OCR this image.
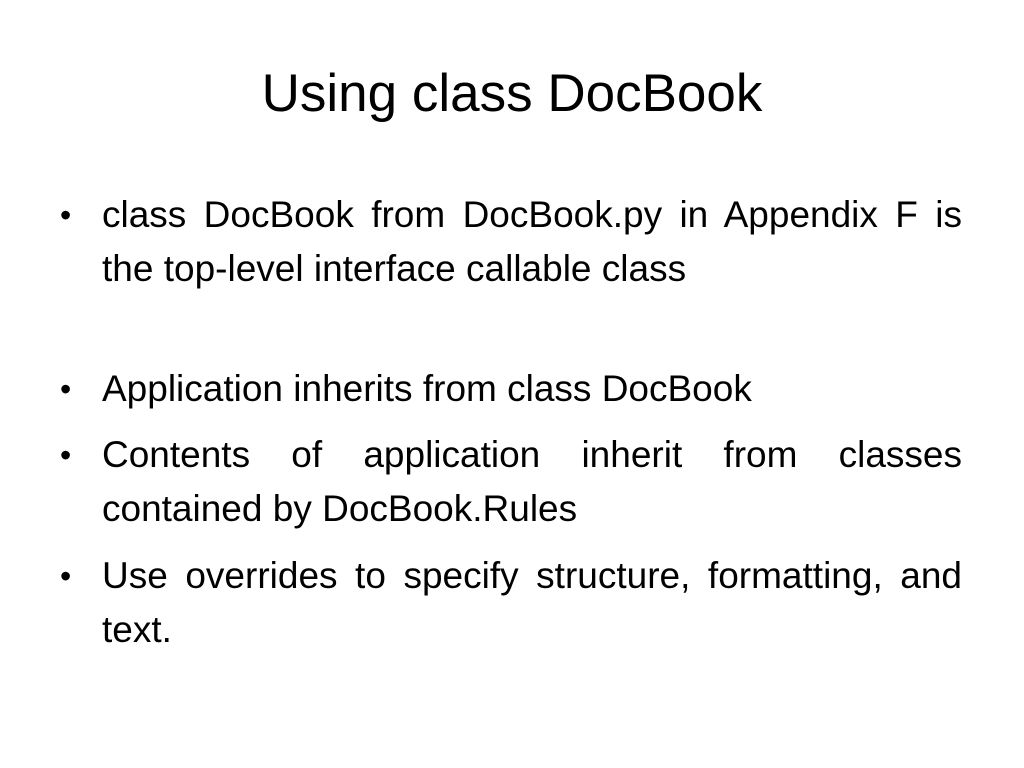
Using class DocBook
• class DocBook from DocBook.py in Appendix F is the top-level interface callable class
• Application inherits from class DocBook
• Contents of application inherit from classes contained by DocBook.Rules
• Use overrides to specify structure, formatting, and text.
